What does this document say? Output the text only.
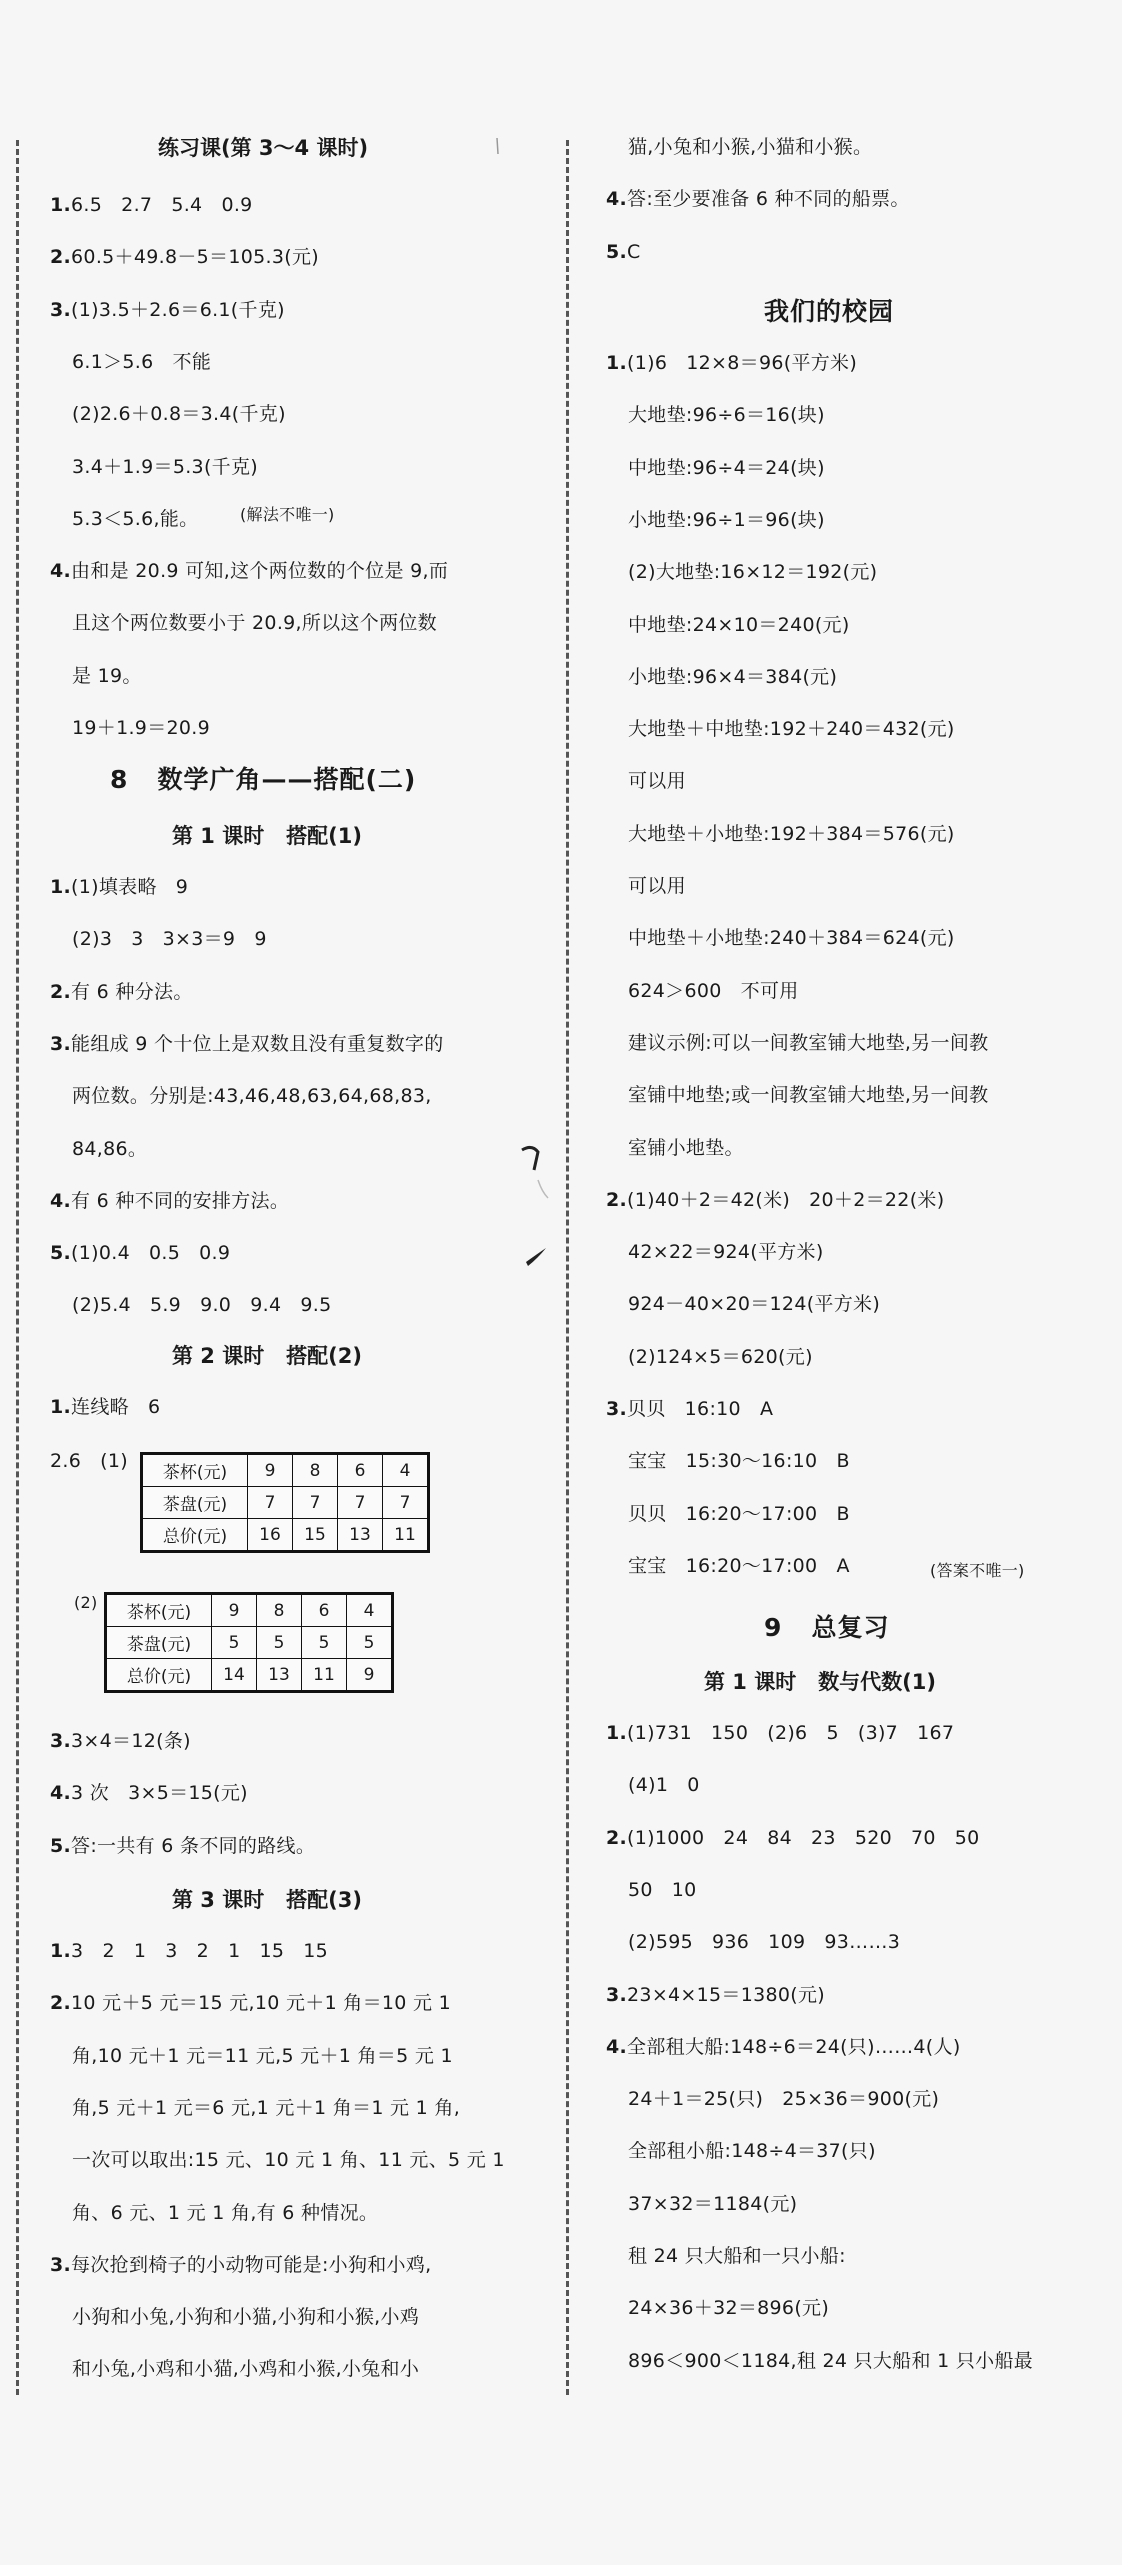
练习课(第 3～4 课时)
1.6.5   2.7   5.4   0.9
2.60.5＋49.8－5＝105.3(元)
3.(1)3.5＋2.6＝6.1(千克)
6.1＞5.6   不能
(2)2.6＋0.8＝3.4(千克)
3.4＋1.9＝5.3(千克)
5.3＜5.6,能。
4.由和是 20.9 可知,这个两位数的个位是 9,而
且这个两位数要小于 20.9,所以这个两位数
是 19。
19＋1.9＝20.9
(解法不唯一)
8   数学广角——搭配(二)
第 1 课时   搭配(1)
1.(1)填表略   9
(2)3   3   3×3＝9   9
2.有 6 种分法。
3.能组成 9 个十位上是双数且没有重复数字的
两位数。分别是:43,46,48,63,64,68,83,
84,86。
4.有 6 种不同的安排方法。
5.(1)0.4   0.5   0.9
(2)5.4   5.9   9.0   9.4   9.5
第 2 课时   搭配(2)
1.连线略   6
2.6   (1)
茶杯(元)	9	8	6	4
茶盘(元)	7	7	7	7
总价(元)	16	15	13	11
(2)
茶杯(元)	9	8	6	4
茶盘(元)	5	5	5	5
总价(元)	14	13	11	9
3.3×4＝12(条)
4.3 次   3×5＝15(元)
5.答:一共有 6 条不同的路线。
第 3 课时   搭配(3)
1.3   2   1   3   2   1   15   15
2.10 元＋5 元＝15 元,10 元＋1 角＝10 元 1
角,10 元＋1 元＝11 元,5 元＋1 角＝5 元 1
角,5 元＋1 元＝6 元,1 元＋1 角＝1 元 1 角,
一次可以取出:15 元、10 元 1 角、11 元、5 元 1
角、6 元、1 元 1 角,有 6 种情况。
3.每次抢到椅子的小动物可能是:小狗和小鸡,
小狗和小兔,小狗和小猫,小狗和小猴,小鸡
和小兔,小鸡和小猫,小鸡和小猴,小兔和小
猫,小兔和小猴,小猫和小猴。
4.答:至少要准备 6 种不同的船票。
5.C
我们的校园
1.(1)6   12×8＝96(平方米)
大地垫:96÷6＝16(块)
中地垫:96÷4＝24(块)
小地垫:96÷1＝96(块)
(2)大地垫:16×12＝192(元)
中地垫:24×10＝240(元)
小地垫:96×4＝384(元)
大地垫＋中地垫:192＋240＝432(元)
可以用
大地垫＋小地垫:192＋384＝576(元)
可以用
中地垫＋小地垫:240＋384＝624(元)
624＞600   不可用
建议示例:可以一间教室铺大地垫,另一间教
室铺中地垫;或一间教室铺大地垫,另一间教
室铺小地垫。
2.(1)40＋2＝42(米)   20＋2＝22(米)
42×22＝924(平方米)
924－40×20＝124(平方米)
(2)124×5＝620(元)
3.贝贝   16:10   A
宝宝   15:30～16:10   B
贝贝   16:20～17:00   B
宝宝   16:20～17:00   A	(答案不唯一)
9   总复习
第 1 课时   数与代数(1)
1.(1)731   150   (2)6   5   (3)7   167
(4)1   0
2.(1)1000   24   84   23   520   70   50
50   10
(2)595   936   109   93……3
3.23×4×15＝1380(元)
4.全部租大船:148÷6＝24(只)……4(人)
24＋1＝25(只)   25×36＝900(元)
全部租小船:148÷4＝37(只)
37×32＝1184(元)
租 24 只大船和一只小船:
24×36＋32＝896(元)
896＜900＜1184,租 24 只大船和 1 只小船最
